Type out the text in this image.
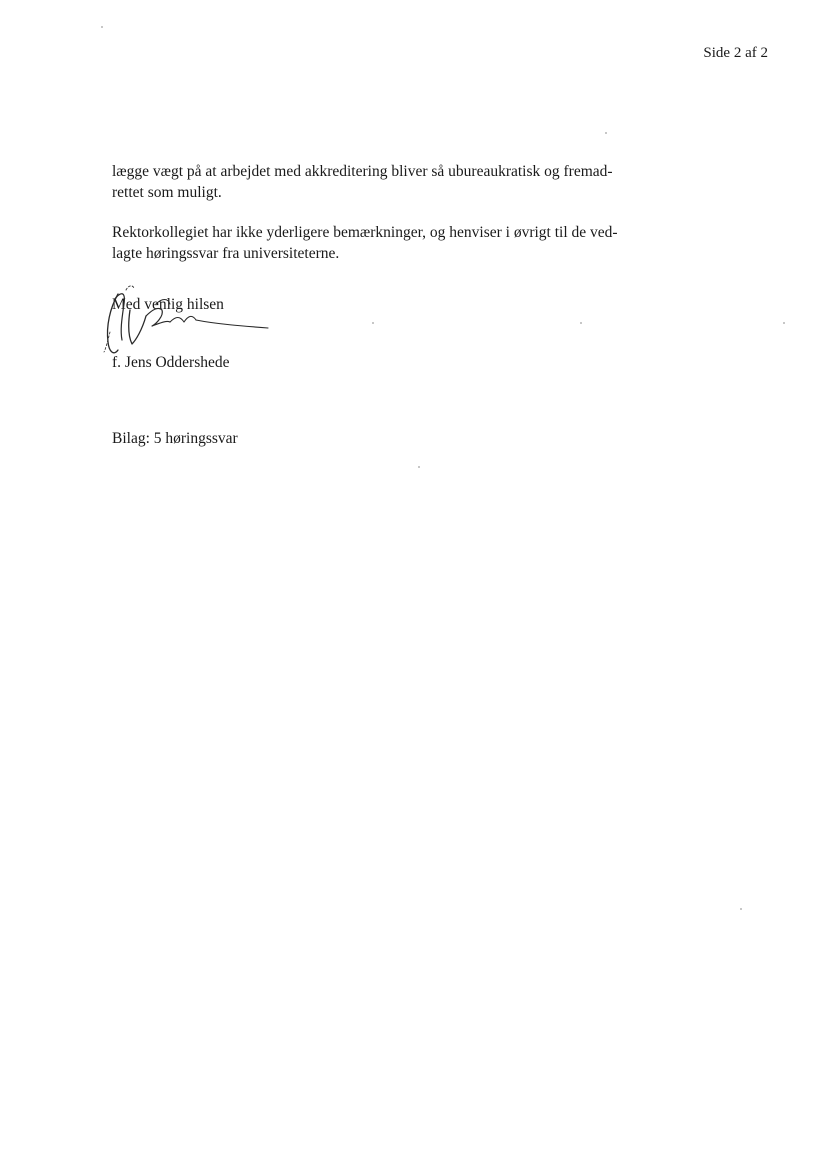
Side 2 af 2
lægge vægt på at arbejdet med akkreditering bliver så ubureaukratisk og fremad-
rettet som muligt.
Rektorkollegiet har ikke yderligere bemærkninger, og henviser i øvrigt til de ved-
lagte høringssvar fra universiteterne.
Med venlig hilsen
f. Jens Oddershede
Bilag: 5 høringssvar
